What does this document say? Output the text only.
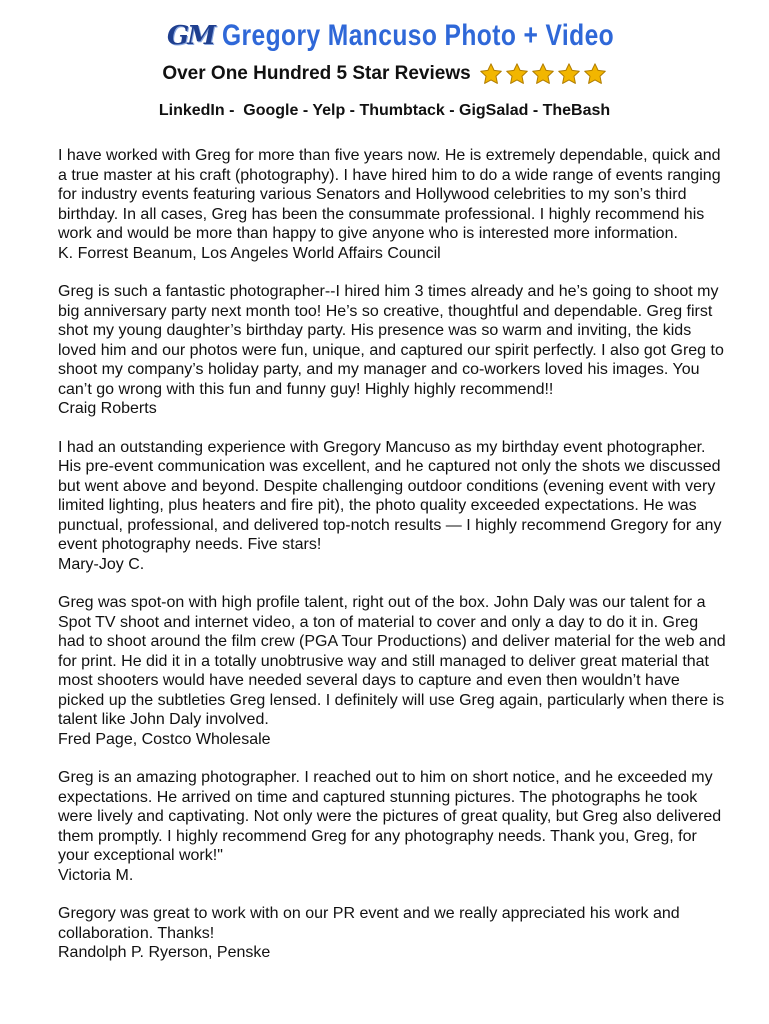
GM Gregory Mancuso Photo + Video
Over One Hundred 5 Star Reviews
LinkedIn -  Google - Yelp - Thumbtack - GigSalad - TheBash

I have worked with Greg for more than five years now. He is extremely dependable, quick and a true master at his craft (photography). I have hired him to do a wide range of events ranging for industry events featuring various Senators and Hollywood celebrities to my son’s third birthday. In all cases, Greg has been the consummate professional. I highly recommend his work and would be more than happy to give anyone who is interested more information.

K. Forrest Beanum, Los Angeles World Affairs Council

Greg is such a fantastic photographer--I hired him 3 times already and he’s going to shoot my big anniversary party next month too! He’s so creative, thoughtful and dependable. Greg first shot my young daughter’s birthday party. His presence was so warm and inviting, the kids loved him and our photos were fun, unique, and captured our spirit perfectly. I also got Greg to shoot my company’s holiday party, and my manager and co-workers loved his images. You can’t go wrong with this fun and funny guy! Highly highly recommend!!

Craig Roberts

I had an outstanding experience with Gregory Mancuso as my birthday event photographer. His pre-event communication was excellent, and he captured not only the shots we discussed but went above and beyond. Despite challenging outdoor conditions (evening event with very limited lighting, plus heaters and fire pit), the photo quality exceeded expectations. He was punctual, professional, and delivered top-notch results — I highly recommend Gregory for any event photography needs. Five stars!

Mary-Joy C.

Greg was spot-on with high profile talent, right out of the box. John Daly was our talent for a Spot TV shoot and internet video, a ton of material to cover and only a day to do it in. Greg had to shoot around the film crew (PGA Tour Productions) and deliver material for the web and for print. He did it in a totally unobtrusive way and still managed to deliver great material that most shooters would have needed several days to capture and even then wouldn’t have picked up the subtleties Greg lensed. I definitely will use Greg again, particularly when there is talent like John Daly involved.

Fred Page, Costco Wholesale

Greg is an amazing photographer. I reached out to him on short notice, and he exceeded my expectations. He arrived on time and captured stunning pictures. The photographs he took were lively and captivating. Not only were the pictures of great quality, but Greg also delivered them promptly. I highly recommend Greg for any photography needs. Thank you, Greg, for your exceptional work!"

Victoria M.

Gregory was great to work with on our PR event and we really appreciated his work and collaboration. Thanks!

Randolph P. Ryerson, Penske
